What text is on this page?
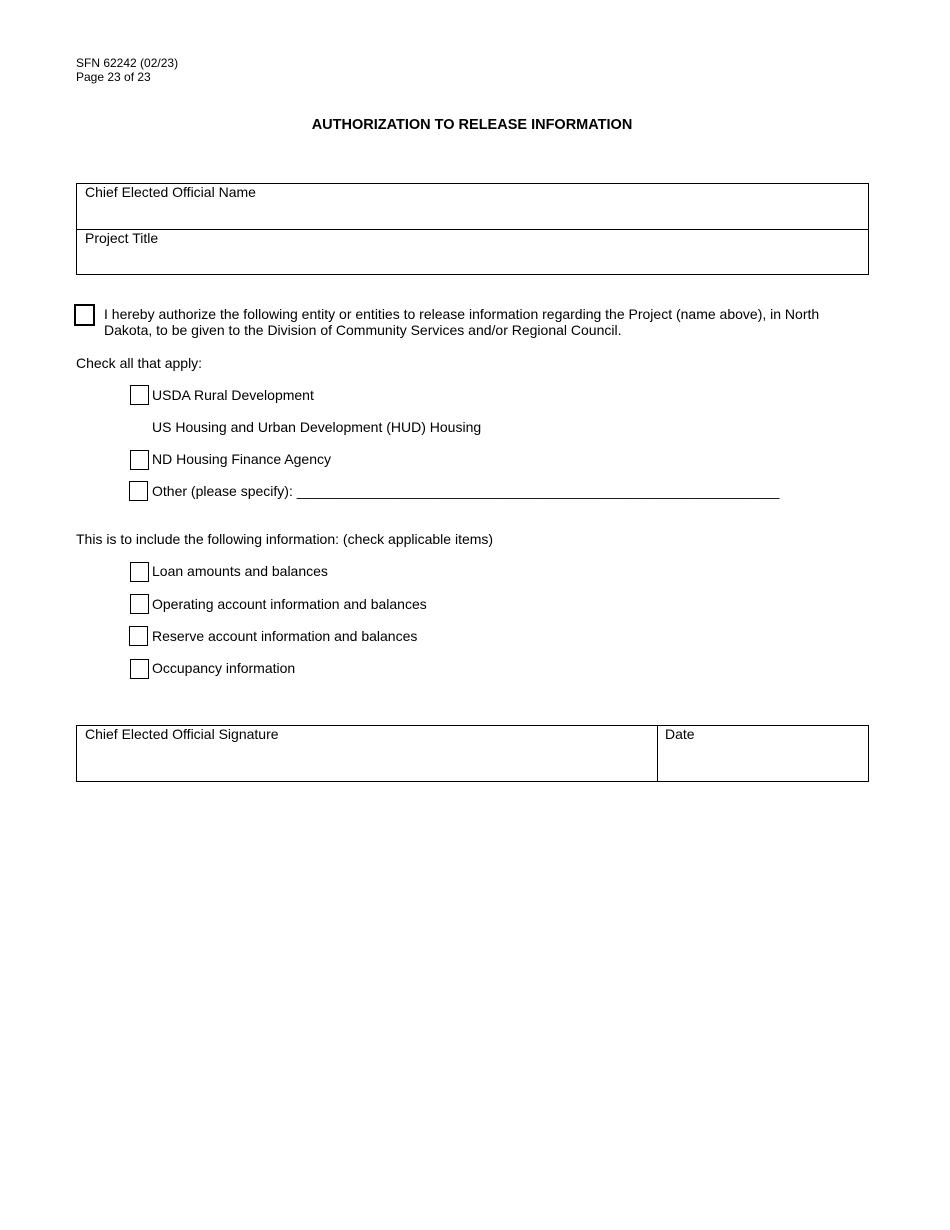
SFN 62242 (02/23)
Page 23 of 23
AUTHORIZATION TO RELEASE INFORMATION
Chief Elected Official Name
Project Title
I hereby authorize the following entity or entities to release information regarding the Project (name above), in North Dakota, to be given to the Division of Community Services and/or Regional Council.
Check all that apply:
USDA Rural Development
US Housing and Urban Development (HUD) Housing
ND Housing Finance Agency
Other (please specify): ______________________________________________________________
This is to include the following information: (check applicable items)
Loan amounts and balances
Operating account information and balances
Reserve account information and balances
Occupancy information
Chief Elected Official Signature	Date
